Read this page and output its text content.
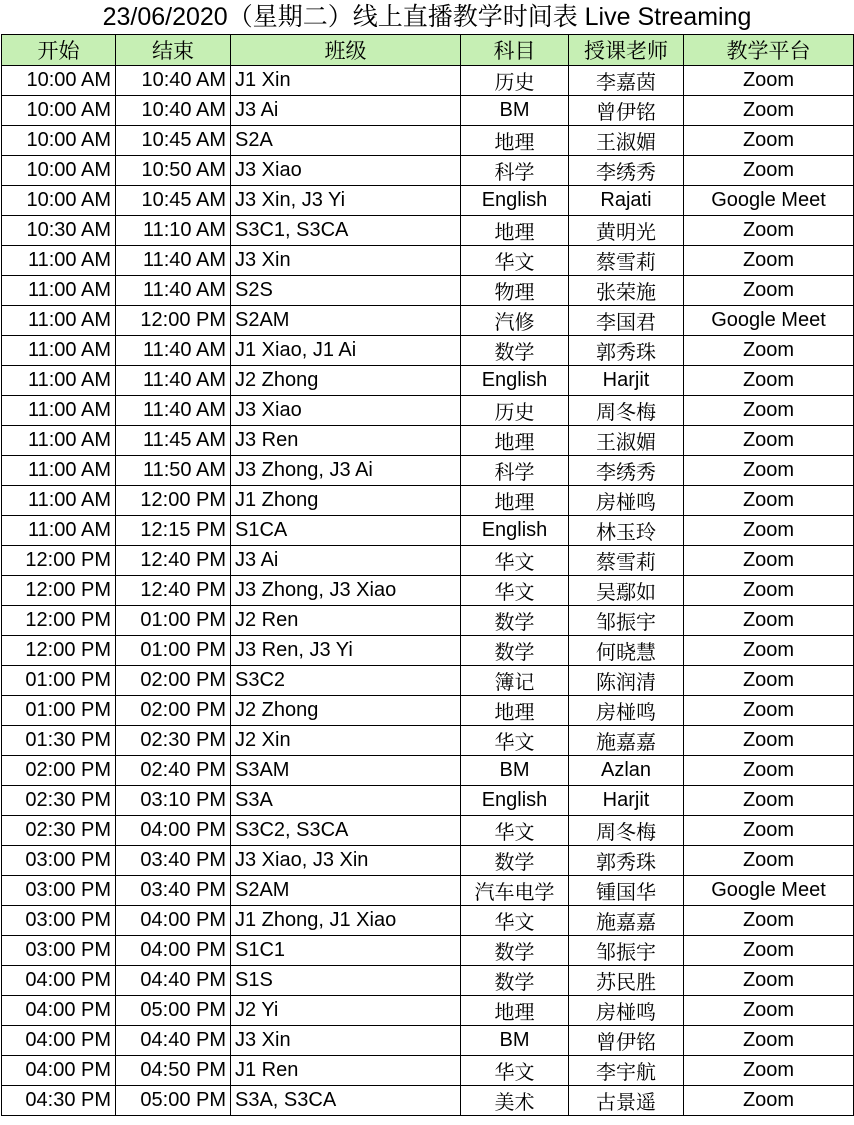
23/06/2020（星期二）线上直播教学时间表 Live Streaming
开始	结束	班级	科目	授课老师	教学平台
10:00 AM	10:40 AM	J1 Xin	历史	李嘉茵	Zoom
10:00 AM	10:40 AM	J3 Ai	BM	曾伊铭	Zoom
10:00 AM	10:45 AM	S2A	地理	王淑媚	Zoom
10:00 AM	10:50 AM	J3 Xiao	科学	李绣秀	Zoom
10:00 AM	10:45 AM	J3 Xin, J3 Yi	English	Rajati	Google Meet
10:30 AM	11:10 AM	S3C1, S3CA	地理	黄明光	Zoom
11:00 AM	11:40 AM	J3 Xin	华文	蔡雪莉	Zoom
11:00 AM	11:40 AM	S2S	物理	张荣施	Zoom
11:00 AM	12:00 PM	S2AM	汽修	李国君	Google Meet
11:00 AM	11:40 AM	J1 Xiao, J1 Ai	数学	郭秀珠	Zoom
11:00 AM	11:40 AM	J2 Zhong	English	Harjit	Zoom
11:00 AM	11:40 AM	J3 Xiao	历史	周冬梅	Zoom
11:00 AM	11:45 AM	J3 Ren	地理	王淑媚	Zoom
11:00 AM	11:50 AM	J3 Zhong, J3 Ai	科学	李绣秀	Zoom
11:00 AM	12:00 PM	J1 Zhong	地理	房椪鸣	Zoom
11:00 AM	12:15 PM	S1CA	English	林玉玲	Zoom
12:00 PM	12:40 PM	J3 Ai	华文	蔡雪莉	Zoom
12:00 PM	12:40 PM	J3 Zhong, J3 Xiao	华文	吴鄢如	Zoom
12:00 PM	01:00 PM	J2 Ren	数学	邹振宇	Zoom
12:00 PM	01:00 PM	J3 Ren, J3 Yi	数学	何晓慧	Zoom
01:00 PM	02:00 PM	S3C2	簿记	陈润清	Zoom
01:00 PM	02:00 PM	J2 Zhong	地理	房椪鸣	Zoom
01:30 PM	02:30 PM	J2 Xin	华文	施嘉嘉	Zoom
02:00 PM	02:40 PM	S3AM	BM	Azlan	Zoom
02:30 PM	03:10 PM	S3A	English	Harjit	Zoom
02:30 PM	04:00 PM	S3C2, S3CA	华文	周冬梅	Zoom
03:00 PM	03:40 PM	J3 Xiao, J3 Xin	数学	郭秀珠	Zoom
03:00 PM	03:40 PM	S2AM	汽车电学	锺国华	Google Meet
03:00 PM	04:00 PM	J1 Zhong, J1 Xiao	华文	施嘉嘉	Zoom
03:00 PM	04:00 PM	S1C1	数学	邹振宇	Zoom
04:00 PM	04:40 PM	S1S	数学	苏民胜	Zoom
04:00 PM	05:00 PM	J2 Yi	地理	房椪鸣	Zoom
04:00 PM	04:40 PM	J3 Xin	BM	曾伊铭	Zoom
04:00 PM	04:50 PM	J1 Ren	华文	李宇航	Zoom
04:30 PM	05:00 PM	S3A, S3CA	美术	古景遥	Zoom
